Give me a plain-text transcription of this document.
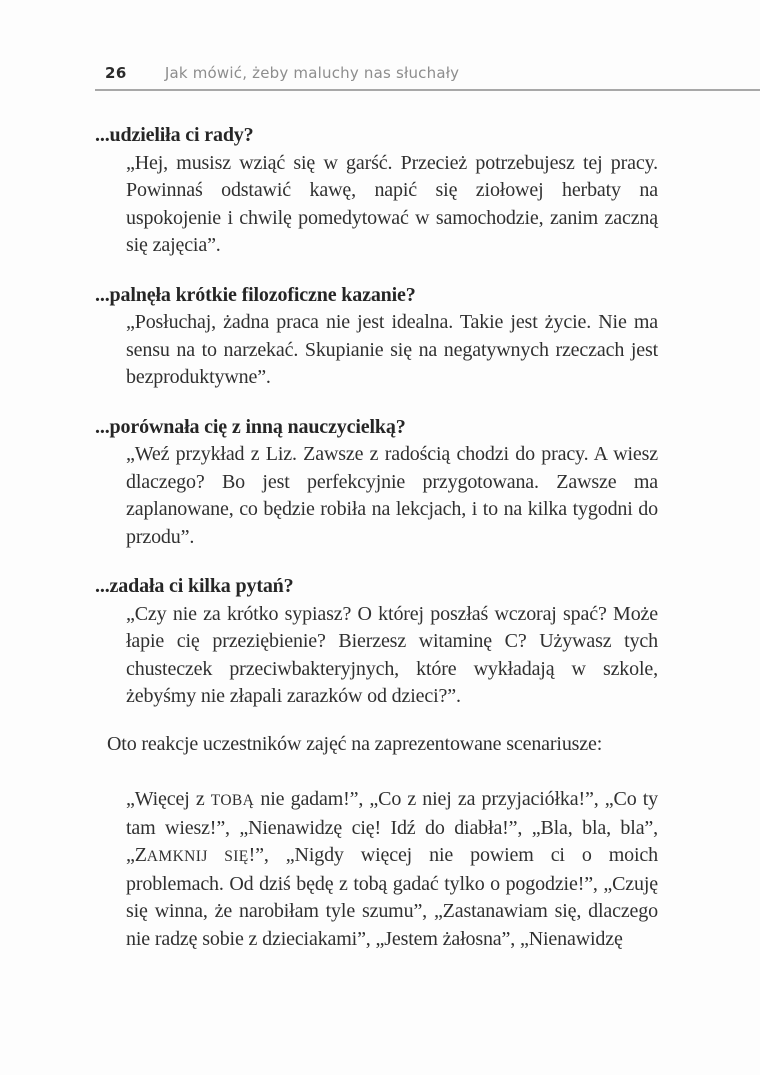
26	Jak mówić, żeby maluchy nas słuchały

...udzieliła ci rady?

„Hej, musisz wziąć się w garść. Przecież potrzebujesz tej pracy. Powinnaś odstawić kawę, napić się ziołowej herbaty na uspokojenie i chwilę pomedytować w samochodzie, zanim zaczną się zajęcia”.

...palnęła krótkie filozoficzne kazanie?

„Posłuchaj, żadna praca nie jest idealna. Takie jest życie. Nie ma sensu na to narzekać. Skupianie się na negatywnych rzeczach jest bezproduktywne”.

...porównała cię z inną nauczycielką?

„Weź przykład z Liz. Zawsze z radością chodzi do pracy. A wiesz dlaczego? Bo jest perfekcyjnie przygotowana. Zawsze ma zaplanowane, co będzie robiła na lekcjach, i to na kilka tygodni do przodu”.

...zadała ci kilka pytań?

„Czy nie za krótko sypiasz? O której poszłaś wczoraj spać? Może łapie cię przeziębienie? Bierzesz witaminę C? Używasz tych chusteczek przeciwbakteryjnych, które wykładają w szkole, żebyśmy nie złapali zarazków od dzieci?”.

Oto reakcje uczestników zajęć na zaprezentowane scenariusze:

„Więcej z TOBĄ nie gadam!”, „Co z niej za przyjaciółka!”, „Co ty tam wiesz!”, „Nienawidzę cię! Idź do diabła!”, „Bla, bla, bla”, „ZAMKNIJ SIĘ!”, „Nigdy więcej nie powiem ci o moich problemach. Od dziś będę z tobą gadać tylko o pogodzie!”, „Czuję się winna, że narobiłam tyle szumu”, „Zastanawiam się, dlaczego nie radzę sobie z dzieciakami”, „Jestem żałosna”, „Nienawidzę
